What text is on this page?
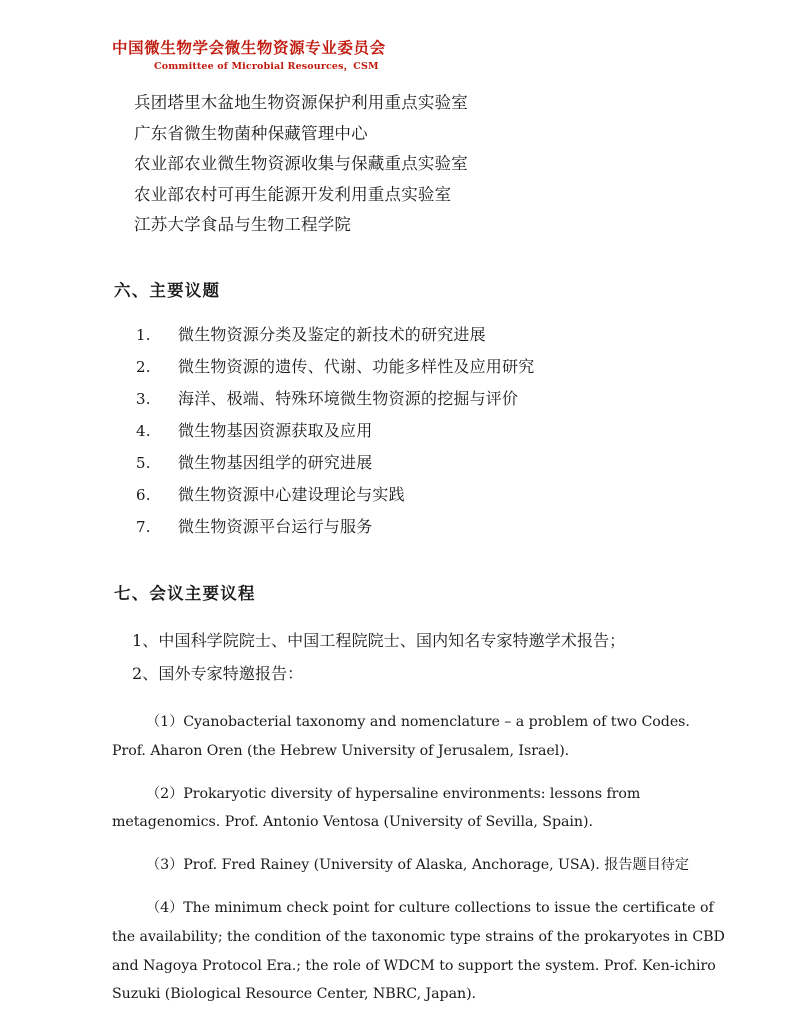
中国微生物学会微生物资源专业委员会
Committee of Microbial Resources，CSM
兵团塔里木盆地生物资源保护利用重点实验室
广东省微生物菌种保藏管理中心
农业部农业微生物资源收集与保藏重点实验室
农业部农村可再生能源开发利用重点实验室
江苏大学食品与生物工程学院
六、主要议题
1.	微生物资源分类及鉴定的新技术的研究进展
2.	微生物资源的遗传、代谢、功能多样性及应用研究
3.	海洋、极端、特殊环境微生物资源的挖掘与评价
4.	微生物基因资源获取及应用
5.	微生物基因组学的研究进展
6.	微生物资源中心建设理论与实践
7.	微生物资源平台运行与服务
七、会议主要议程
1、中国科学院院士、中国工程院院士、国内知名专家特邀学术报告；
2、国外专家特邀报告：

（1）Cyanobacterial taxonomy and nomenclature – a problem of two Codes. Prof. Aharon Oren (the Hebrew University of Jerusalem, Israel).

（2）Prokaryotic diversity of hypersaline environments: lessons from metagenomics. Prof. Antonio Ventosa (University of Sevilla, Spain).

（3）Prof. Fred Rainey (University of Alaska, Anchorage, USA). 报告题目待定

（4）The minimum check point for culture collections to issue the certificate of the availability; the condition of the taxonomic type strains of the prokaryotes in CBD and Nagoya Protocol Era.; the role of WDCM to support the system. Prof. Ken-ichiro Suzuki (Biological Resource Center, NBRC, Japan).
